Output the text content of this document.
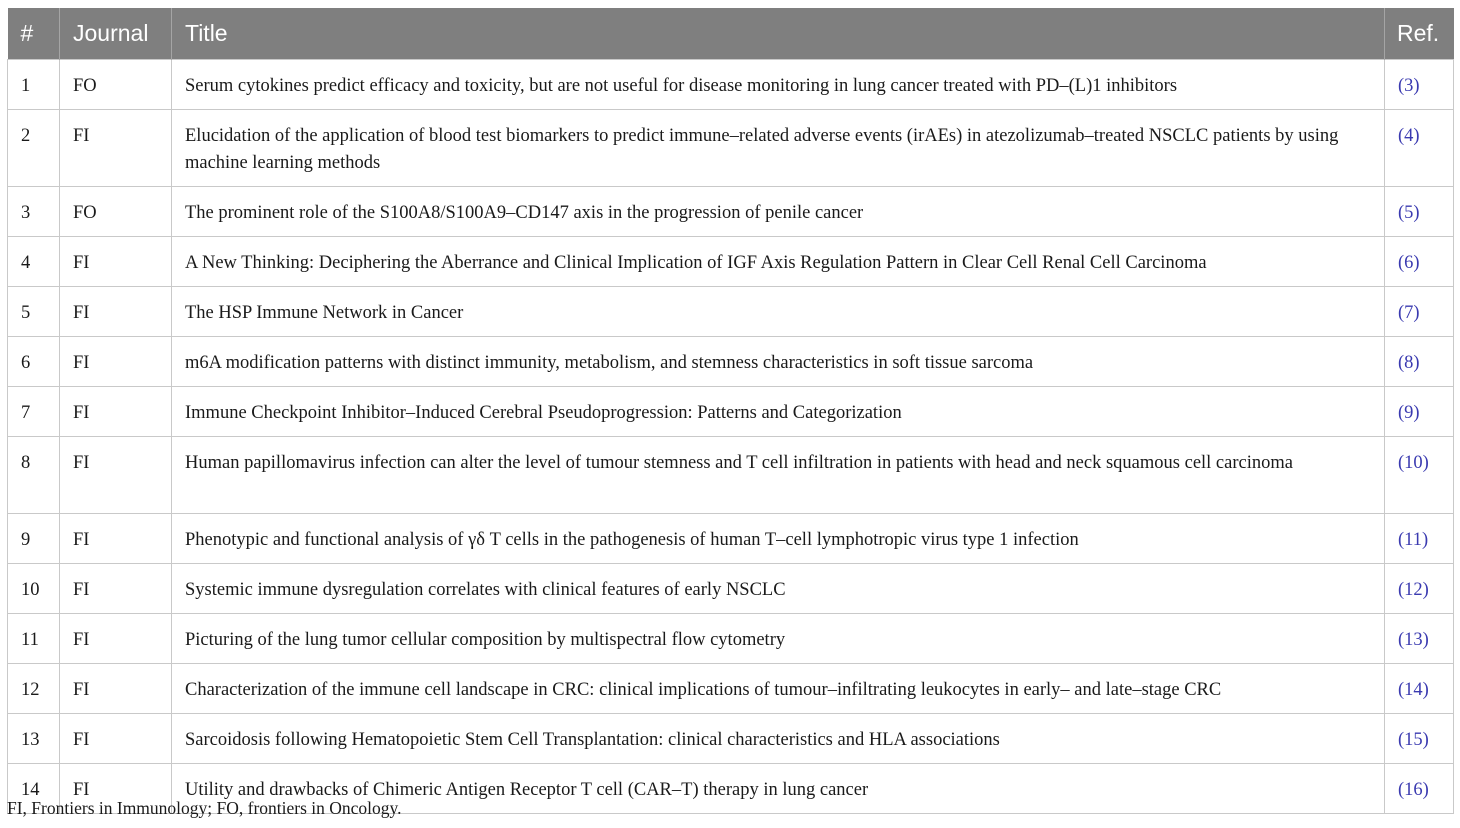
#	Journal	Title	Ref.
1	FO	Serum cytokines predict efficacy and toxicity, but are not useful for disease monitoring in lung cancer treated with PD–(L)1 inhibitors	(3)
2	FI	Elucidation of the application of blood test biomarkers to predict immune–related adverse events (irAEs) in atezolizumab–treated NSCLC patients by using machine learning methods	(4)
3	FO	The prominent role of the S100A8/S100A9–CD147 axis in the progression of penile cancer	(5)
4	FI	A New Thinking: Deciphering the Aberrance and Clinical Implication of IGF Axis Regulation Pattern in Clear Cell Renal Cell Carcinoma	(6)
5	FI	The HSP Immune Network in Cancer	(7)
6	FI	m6A modification patterns with distinct immunity, metabolism, and stemness characteristics in soft tissue sarcoma	(8)
7	FI	Immune Checkpoint Inhibitor–Induced Cerebral Pseudoprogression: Patterns and Categorization	(9)
8	FI	Human papillomavirus infection can alter the level of tumour stemness and T cell infiltration in patients with head and neck squamous cell carcinoma	(10)
9	FI	Phenotypic and functional analysis of γδ T cells in the pathogenesis of human T–cell lymphotropic virus type 1 infection	(11)
10	FI	Systemic immune dysregulation correlates with clinical features of early NSCLC	(12)
11	FI	Picturing of the lung tumor cellular composition by multispectral flow cytometry	(13)
12	FI	Characterization of the immune cell landscape in CRC: clinical implications of tumour–infiltrating leukocytes in early– and late–stage CRC	(14)
13	FI	Sarcoidosis following Hematopoietic Stem Cell Transplantation: clinical characteristics and HLA associations	(15)
14	FI	Utility and drawbacks of Chimeric Antigen Receptor T cell (CAR–T) therapy in lung cancer	(16)
FI, Frontiers in Immunology; FO, frontiers in Oncology.
